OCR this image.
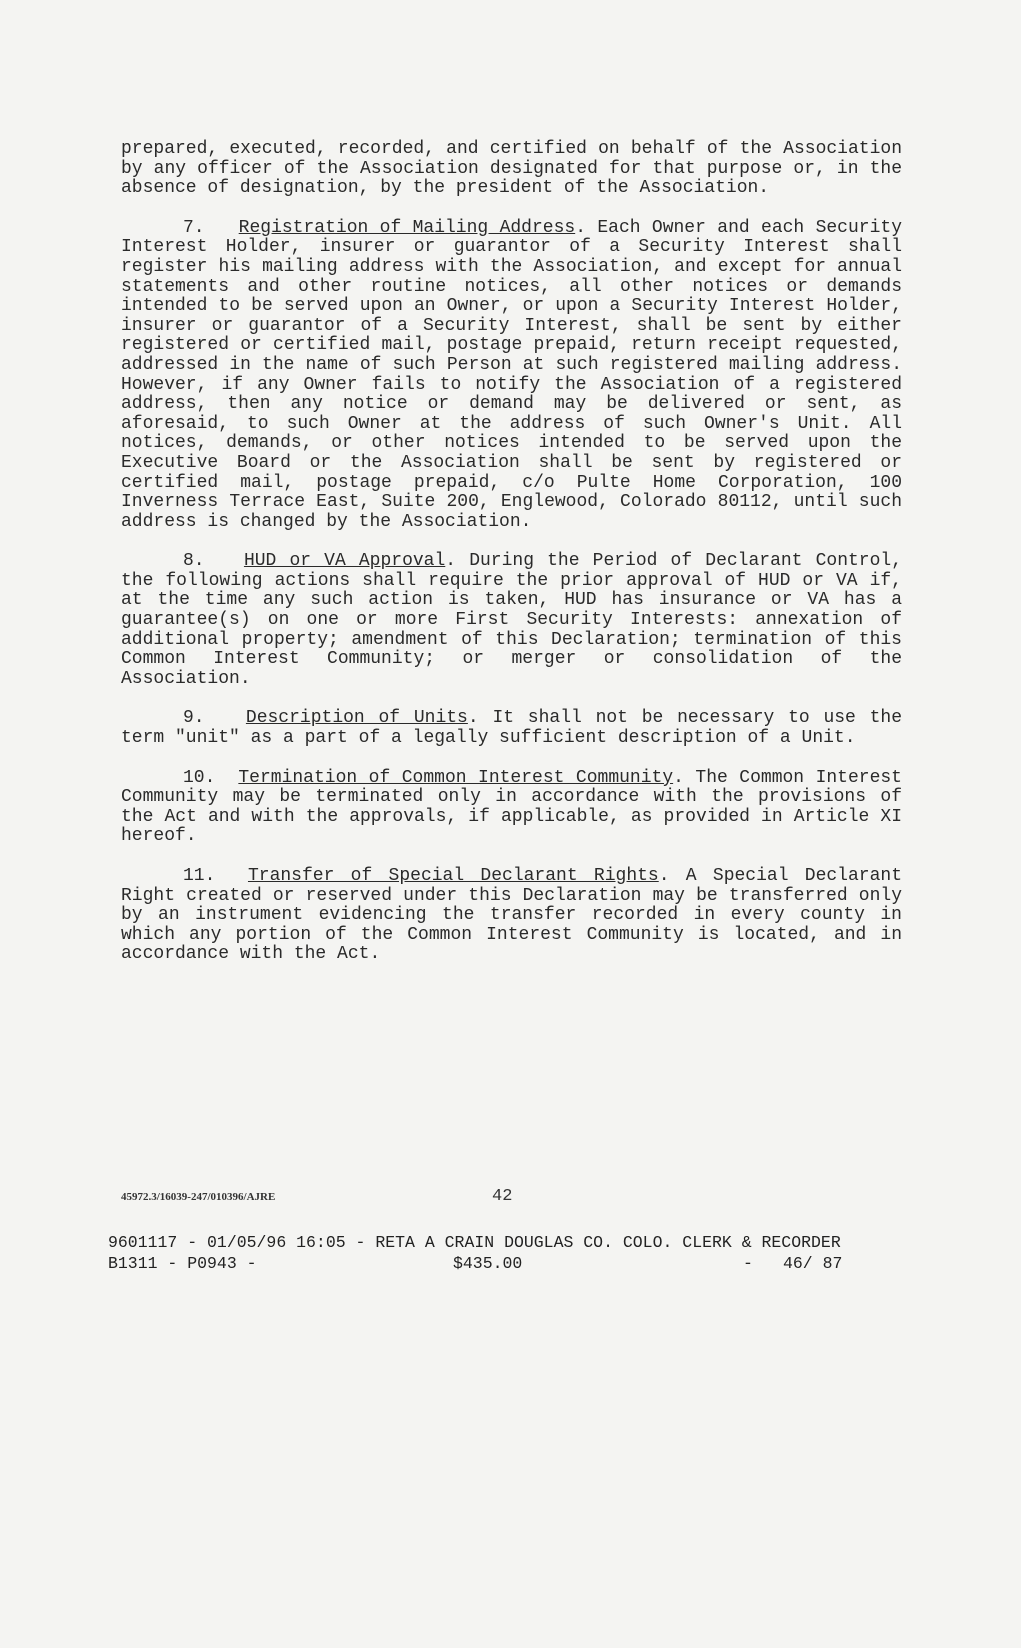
prepared, executed, recorded, and certified on behalf of the Association by any officer of the Association designated for that purpose or, in the absence of designation, by the president of the Association.

7. Registration of Mailing Address. Each Owner and each Security Interest Holder, insurer or guarantor of a Security Interest shall register his mailing address with the Association, and except for annual statements and other routine notices, all other notices or demands intended to be served upon an Owner, or upon a Security Interest Holder, insurer or guarantor of a Security Interest, shall be sent by either registered or certified mail, postage prepaid, return receipt requested, addressed in the name of such Person at such registered mailing address. However, if any Owner fails to notify the Association of a registered address, then any notice or demand may be delivered or sent, as aforesaid, to such Owner at the address of such Owner's Unit. All notices, demands, or other notices intended to be served upon the Executive Board or the Association shall be sent by registered or certified mail, postage prepaid, c/o Pulte Home Corporation, 100 Inverness Terrace East, Suite 200, Englewood, Colorado 80112, until such address is changed by the Association.

8. HUD or VA Approval. During the Period of Declarant Control, the following actions shall require the prior approval of HUD or VA if, at the time any such action is taken, HUD has insurance or VA has a guarantee(s) on one or more First Security Interests: annexation of additional property; amendment of this Declaration; termination of this Common Interest Community; or merger or consolidation of the Association.

9. Description of Units. It shall not be necessary to use the term "unit" as a part of a legally sufficient description of a Unit.

10. Termination of Common Interest Community. The Common Interest Community may be terminated only in accordance with the provisions of the Act and with the approvals, if applicable, as provided in Article XI hereof.

11. Transfer of Special Declarant Rights. A Special Declarant Right created or reserved under this Declaration may be transferred only by an instrument evidencing the transfer recorded in every county in which any portion of the Common Interest Community is located, and in accordance with the Act.

45972.3/16039-247/010396/AJRE	42

9601117 - 01/05/96 16:05 - RETA A CRAIN DOUGLAS CO. COLO. CLERK & RECORDER

B1311 - P0943 -

	$435.00

	-

46/ 87
